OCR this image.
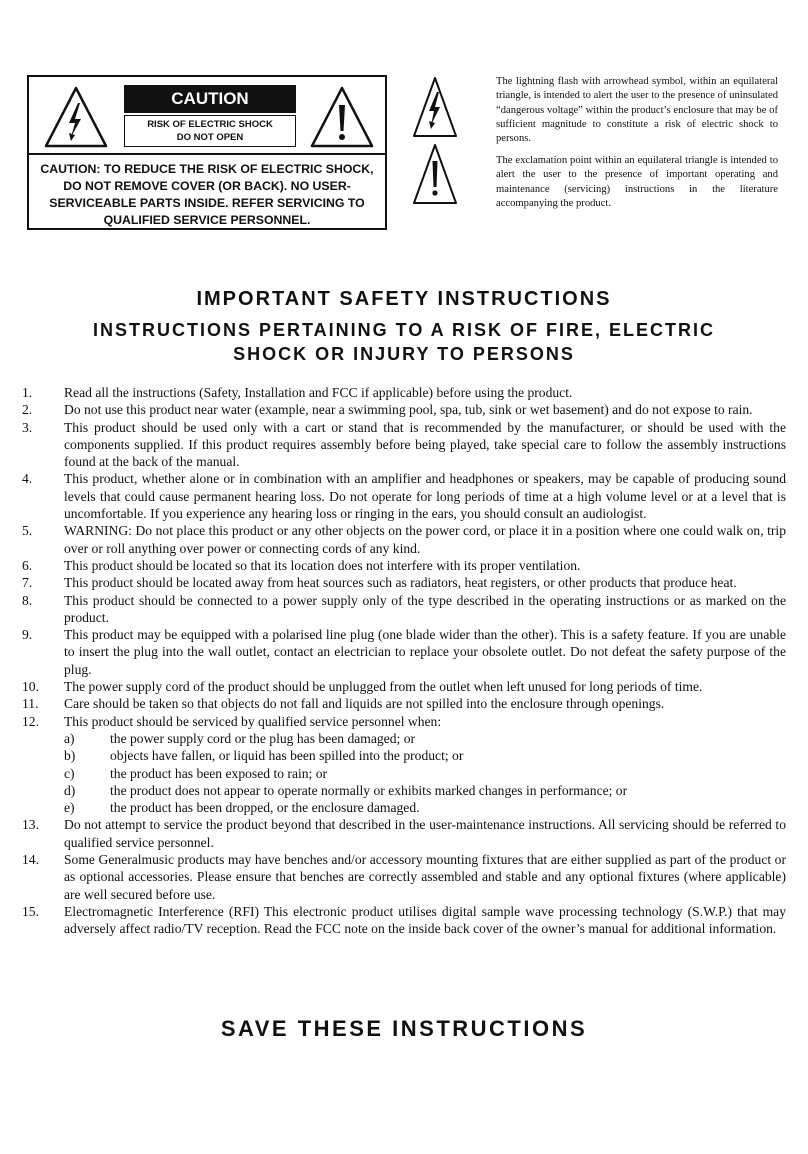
CAUTION
RISK OF ELECTRIC SHOCK
DO NOT OPEN
CAUTION: TO REDUCE THE RISK OF ELECTRIC SHOCK, DO NOT REMOVE COVER (OR BACK). NO USER-SERVICEABLE PARTS INSIDE. REFER SERVICING TO QUALIFIED SERVICE PERSONNEL.
The lightning flash with arrowhead symbol, within an equilateral triangle, is intended to alert the user to the presence of uninsulated “dangerous voltage” within the product’s enclosure that may be of sufficient magnitude to constitute a risk of electric shock to persons.
The exclamation point within an equilateral triangle is intended to alert the user to the presence of important operating and maintenance (servicing) instructions in the literature accompanying the product.
IMPORTANT SAFETY INSTRUCTIONS
INSTRUCTIONS PERTAINING TO A RISK OF FIRE, ELECTRIC
SHOCK OR INJURY TO PERSONS
1.	Read all the instructions (Safety, Installation and FCC if applicable) before using the product.
2.	Do not use this product near water (example, near a swimming pool, spa, tub, sink or wet basement) and do not expose to rain.
3.	This product should be used only with a cart or stand that is recommended by the manufacturer, or should be used with the components supplied. If this product requires assembly before being played, take special care to follow the assembly instructions found at the back of the manual.
4.	This product, whether alone or in combination with an amplifier and headphones or speakers, may be capable of producing sound levels that could cause permanent hearing loss. Do not operate for long periods of time at a high volume level or at a level that is uncomfortable. If you experience any hearing loss or ringing in the ears, you should consult an audiologist.
5.	WARNING: Do not place this product or any other objects on the power cord, or place it in a position where one could walk on, trip over or roll anything over power or connecting cords of any kind.
6.	This product should be located so that its location does not interfere with its proper ventilation.
7.	This product should be located away from heat sources such as radiators, heat registers, or other products that produce heat.
8.	This product should be connected to a power supply only of the type described in the operating instructions or as marked on the product.
9.	This product may be equipped with a polarised line plug (one blade wider than the other). This is a safety feature. If you are unable to insert the plug into the wall outlet, contact an electrician to replace your obsolete outlet. Do not defeat the safety purpose of the plug.
10.	The power supply cord of the product should be unplugged from the outlet when left unused for long periods of time.
11.	Care should be taken so that objects do not fall and liquids are not spilled into the enclosure through openings.
12.	This product should be serviced by qualified service personnel when:
a)	the power supply cord or the plug has been damaged; or
b)	objects have fallen, or liquid has been spilled into the product; or
c)	the product has been exposed to rain; or
d)	the product does not appear to operate normally or exhibits marked changes in performance; or
e)	the product has been dropped, or the enclosure damaged.
13.	Do not attempt to service the product beyond that described in the user-maintenance instructions. All servicing should be referred to qualified service personnel.
14.	Some Generalmusic products may have benches and/or accessory mounting fixtures that are either supplied as part of the product or as optional accessories. Please ensure that benches are correctly assembled and stable and any optional fixtures (where applicable) are well secured before use.
15.	Electromagnetic Interference (RFI) This electronic product utilises digital sample wave processing technology (S.W.P.) that may adversely affect radio/TV reception. Read the FCC note on the inside back cover of the owner’s manual for additional information.
SAVE THESE INSTRUCTIONS
